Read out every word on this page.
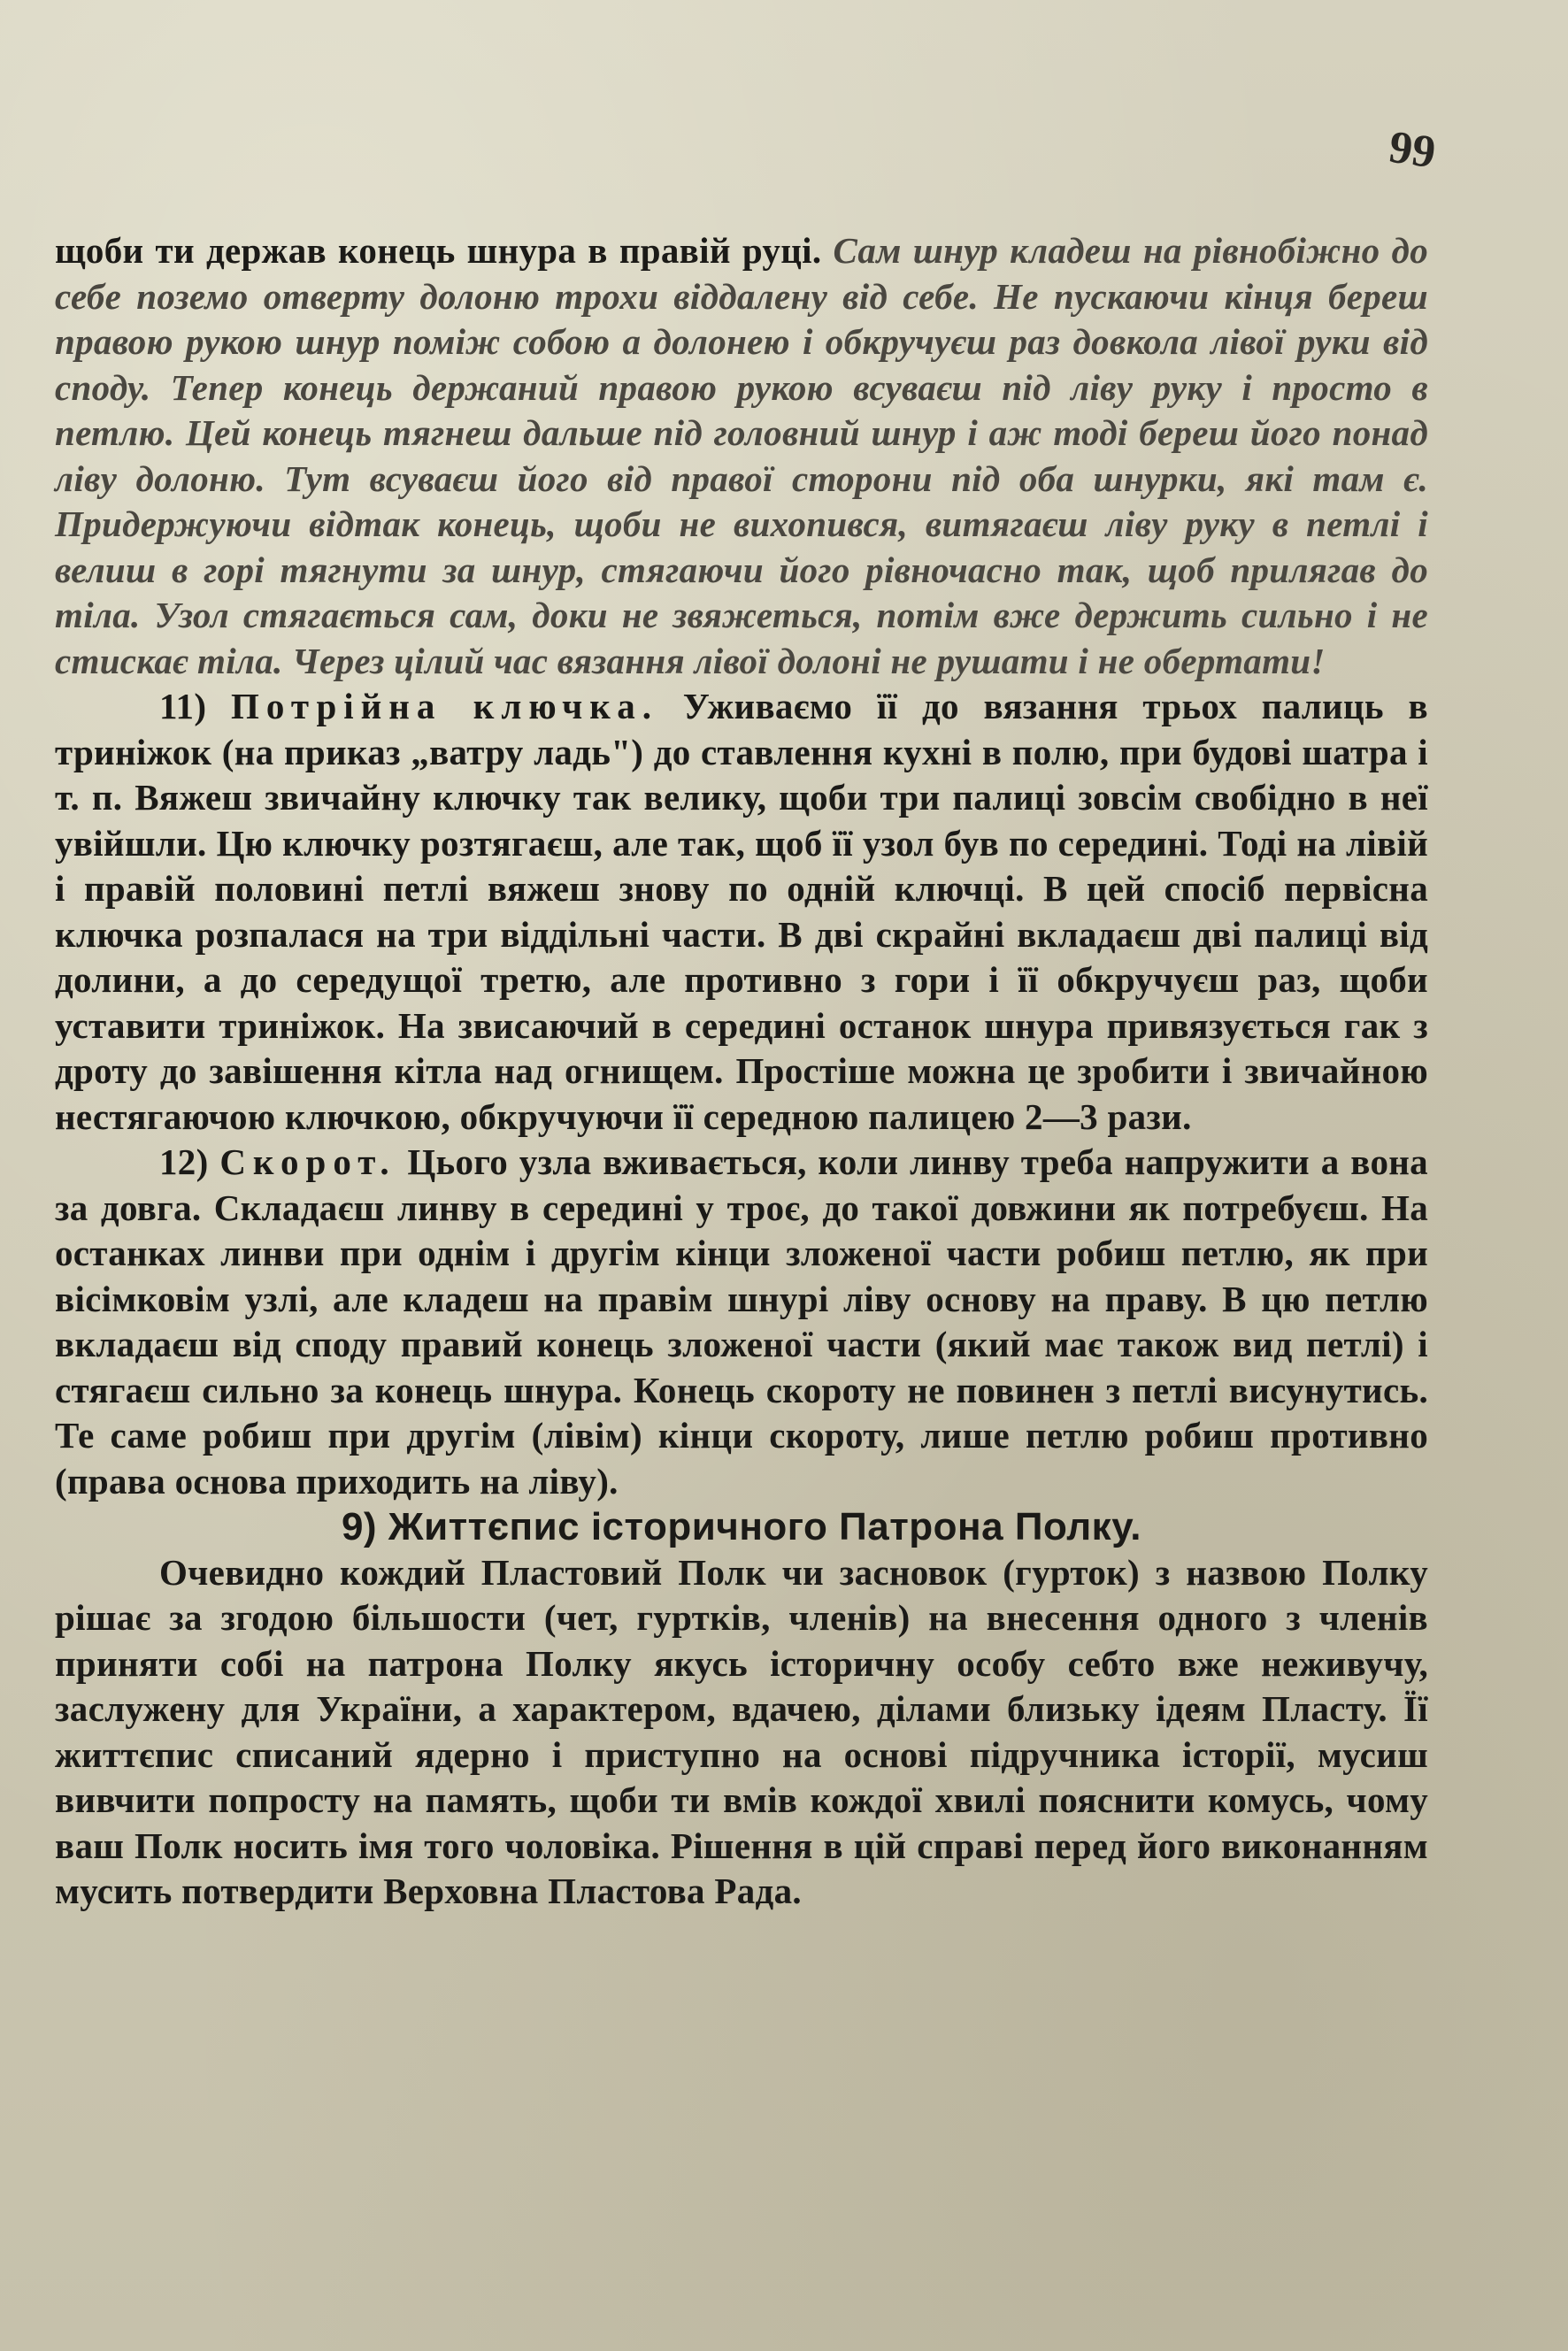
99

щоби ти держав конець шнура в правій руці. Сам шнур кладеш на рівнобіжно до себе поземо отверту долоню трохи віддалену від себе. Не пускаючи кінця береш правою рукою шнур поміж собою а долонею і обкручуєш раз довкола лівої руки від споду. Тепер конець держаний правою рукою всуваєш під ліву руку і просто в петлю. Цей конець тягнеш дальше під головний шнур і аж тоді береш його понад ліву долоню. Тут всуваєш його від правої сторони під оба шнурки, які там є. Придержуючи відтак конець, щоби не вихопився, витягаєш ліву руку в петлі і велиш в горі тягнути за шнур, стягаючи його рівночасно так, щоб прилягав до тіла. Узол стягається сам, доки не звяжеться, потім вже держить сильно і не стискає тіла. Через цілий час вязання лівої долоні не рушати і не обертати!

11) Потрійна ключка. Уживаємо її до вязання трьох палиць в триніжок (на приказ „ватру ладь") до ставлення кухні в полю, при будові шатра і т. п. Вяжеш звичайну ключку так велику, щоби три палиці зовсім свобідно в неї увійшли. Цю ключку розтягаєш, але так, щоб її узол був по середині. Тоді на лівій і правій половині петлі вяжеш знову по одній ключці. В цей спосіб первісна ключка розпалася на три віддільні части. В дві скрайні вкладаєш дві палиці від долини, а до середущої третю, але противно з гори і її обкручуєш раз, щоби уставити триніжок. На звисаючий в середині останок шнура привязується гак з дроту до завішення кітла над огнищем. Простіше можна це зробити і звичайною нестягаючою ключкою, обкручуючи її середною палицею 2—3 рази.

12) Скорот. Цього узла вживається, коли линву треба напружити а вона за довга. Складаєш линву в середині у троє, до такої довжини як потребуєш. На останках линви при однім і другім кінци зложеної части робиш петлю, як при вісімковім узлі, але кладеш на правім шнурі ліву основу на праву. В цю петлю вкладаєш від споду правий конець зложеної части (який має також вид петлі) і стягаєш сильно за конець шнура. Конець скороту не повинен з петлі висунутись. Те саме робиш при другім (лівім) кінци скороту, лише петлю робиш противно (права основа приходить на ліву).

9) Життєпис історичного Патрона Полку.

Очевидно кождий Пластовий Полк чи засновок (гурток) з назвою Полку рішає за згодою більшости (чет, гуртків, членів) на внесення одного з членів приняти собі на патрона Полку якусь історичну особу себто вже неживучу, заслужену для України, а характером, вдачею, ділами близьку ідеям Пласту. Її життєпис списаний ядерно і приступно на основі підручника історії, мусиш вивчити попросту на память, щоби ти вмів кождої хвилі пояснити комусь, чому ваш Полк носить імя того чоловіка. Рішення в цій справі перед його виконанням мусить потвердити Верховна Пластова Рада.
